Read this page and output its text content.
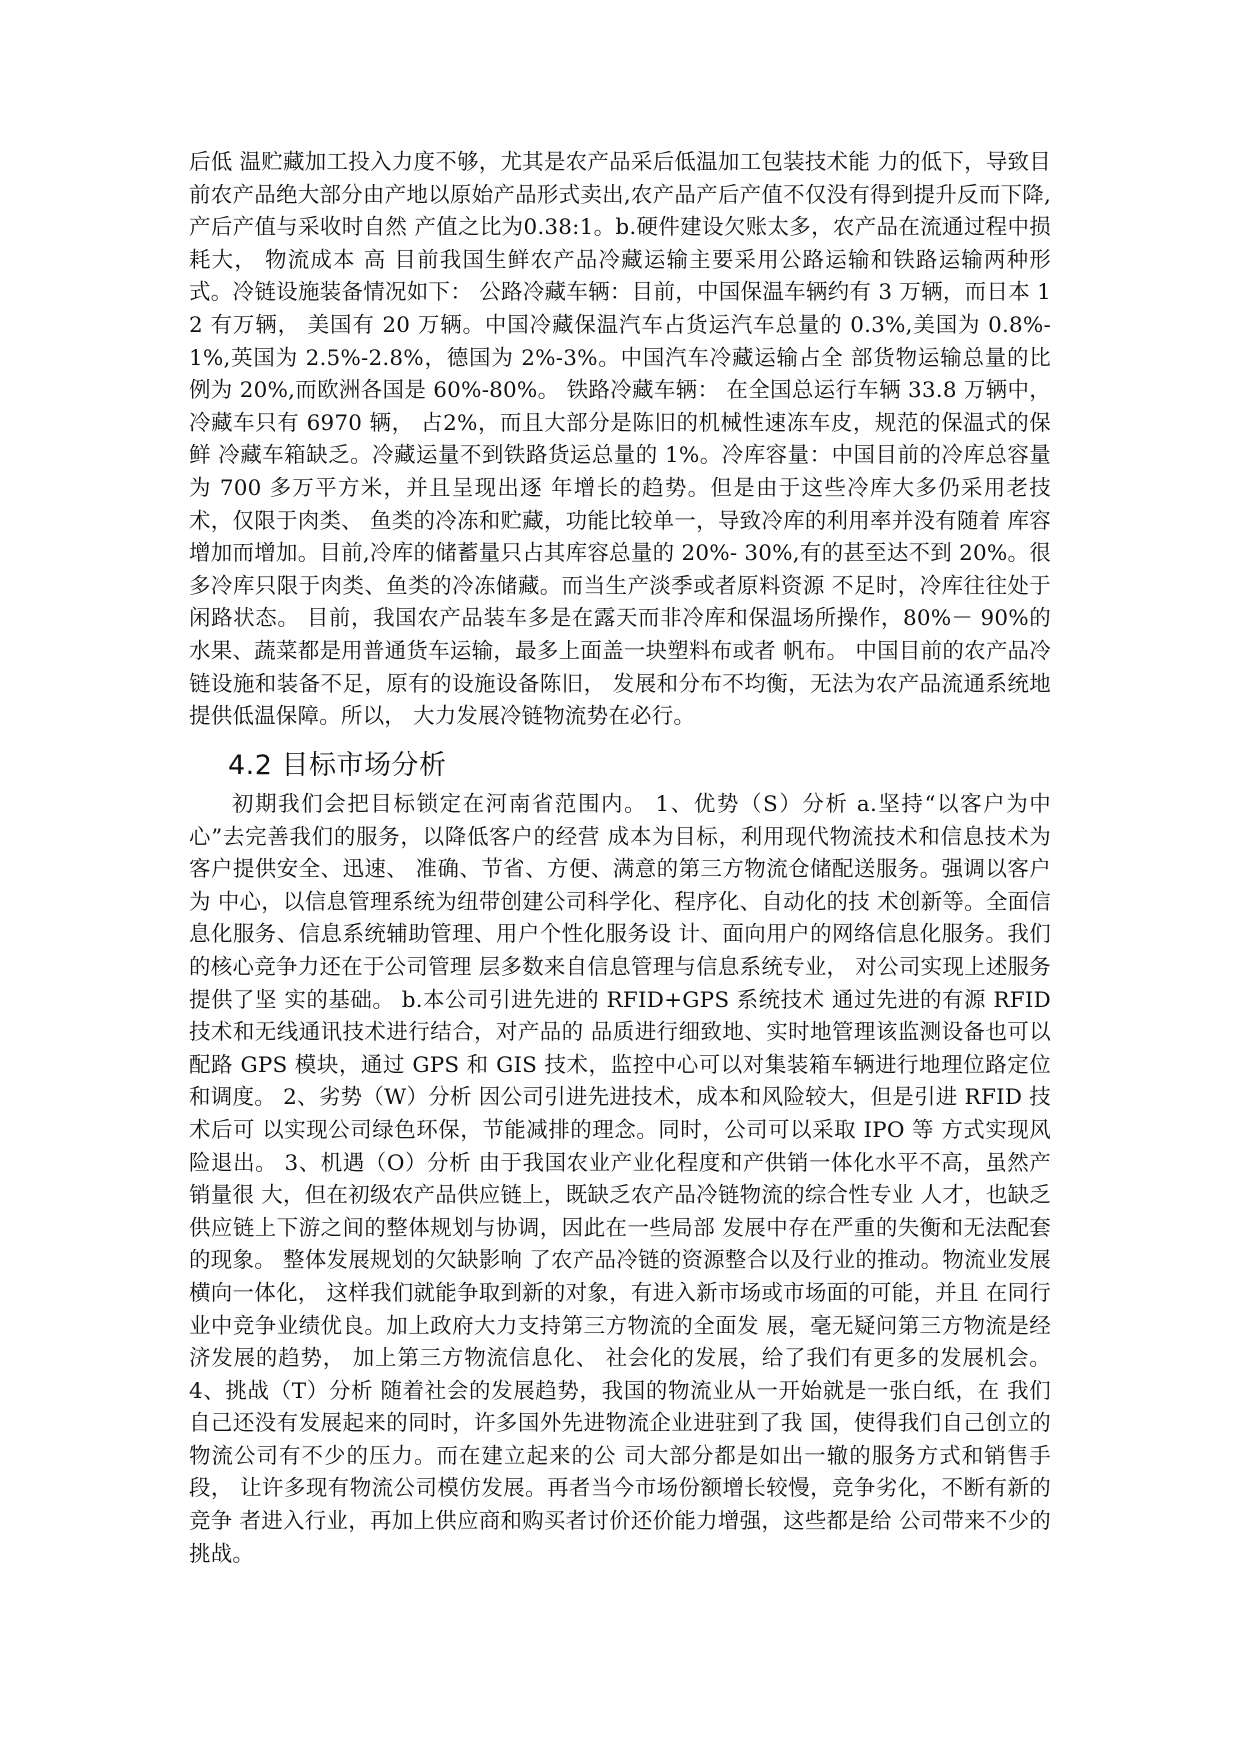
后低 温贮藏加工投入力度不够，尤其是农产品采后低温加工包装技术能 力的低下，导致目前农产品绝大部分由产地以原始产品形式卖出,农产品产后产值不仅没有得到提升反而下降,产后产值与采收时自然 产值之比为0.38:1。b.硬件建设欠账太多，农产品在流通过程中损耗大， 物流成本 高 目前我国生鲜农产品冷藏运输主要采用公路运输和铁路运输两种形 式。冷链设施装备情况如下： 公路冷藏车辆：目前，中国保温车辆约有 3 万辆，而日本 12 有万辆， 美国有 20 万辆。中国冷藏保温汽车占货运汽车总量的 0.3%,美国为 0.8%-1%,英国为 2.5%-2.8%，德国为 2%-3%。中国汽车冷藏运输占全 部货物运输总量的比例为 20%,而欧洲各国是 60%-80%。 铁路冷藏车辆： 在全国总运行车辆 33.8 万辆中， 冷藏车只有 6970 辆， 占2%，而且大部分是陈旧的机械性速冻车皮，规范的保温式的保鲜 冷藏车箱缺乏。冷藏运量不到铁路货运总量的 1%。冷库容量：中国目前的冷库总容量为 700 多万平方米，并且呈现出逐 年增长的趋势。但是由于这些冷库大多仍采用老技术，仅限于肉类、 鱼类的冷冻和贮藏，功能比较单一，导致冷库的利用率并没有随着 库容增加而增加。目前,冷库的储蓄量只占其库容总量的 20%- 30%,有的甚至达不到 20%。很多冷库只限于肉类、鱼类的冷冻储藏。而当生产淡季或者原料资源 不足时，冷库往往处于闲路状态。 目前，我国农产品装车多是在露天而非冷库和保温场所操作，80%－ 90%的水果、蔬菜都是用普通货车运输，最多上面盖一块塑料布或者 帆布。 中国目前的农产品冷链设施和装备不足，原有的设施设备陈旧， 发展和分布不均衡，无法为农产品流通系统地提供低温保障。所以， 大力发展冷链物流势在必行。

4.2 目标市场分析

初期我们会把目标锁定在河南省范围内。 1、优势（S）分析 a.坚持“以客户为中心”去完善我们的服务，以降低客户的经营 成本为目标，利用现代物流技术和信息技术为客户提供安全、迅速、 准确、节省、方便、满意的第三方物流仓储配送服务。强调以客户为 中心，以信息管理系统为纽带创建公司科学化、程序化、自动化的技 术创新等。全面信息化服务、信息系统辅助管理、用户个性化服务设 计、面向用户的网络信息化服务。我们的核心竞争力还在于公司管理 层多数来自信息管理与信息系统专业， 对公司实现上述服务提供了坚 实的基础。 b.本公司引进先进的 RFID+GPS 系统技术 通过先进的有源 RFID 技术和无线通讯技术进行结合，对产品的 品质进行细致地、实时地管理该监测设备也可以配路 GPS 模块，通过 GPS 和 GIS 技术，监控中心可以对集装箱车辆进行地理位路定位和调度。 2、劣势（W）分析 因公司引进先进技术，成本和风险较大，但是引进 RFID 技术后可 以实现公司绿色环保，节能减排的理念。同时，公司可以采取 IPO 等 方式实现风险退出。 3、机遇（O）分析 由于我国农业产业化程度和产供销一体化水平不高，虽然产销量很 大，但在初级农产品供应链上，既缺乏农产品冷链物流的综合性专业 人才，也缺乏供应链上下游之间的整体规划与协调，因此在一些局部 发展中存在严重的失衡和无法配套的现象。 整体发展规划的欠缺影响 了农产品冷链的资源整合以及行业的推动。物流业发展横向一体化， 这样我们就能争取到新的对象，有进入新市场或市场面的可能，并且 在同行业中竞争业绩优良。加上政府大力支持第三方物流的全面发 展，毫无疑问第三方物流是经济发展的趋势， 加上第三方物流信息化、 社会化的发展，给了我们有更多的发展机会。 4、挑战（T）分析 随着社会的发展趋势，我国的物流业从一开始就是一张白纸，在 我们自己还没有发展起来的同时，许多国外先进物流企业进驻到了我 国，使得我们自己创立的物流公司有不少的压力。而在建立起来的公 司大部分都是如出一辙的服务方式和销售手段， 让许多现有物流公司模仿发展。再者当今市场份额增长较慢，竞争劣化，不断有新的竞争 者进入行业，再加上供应商和购买者讨价还价能力增强，这些都是给 公司带来不少的挑战。
